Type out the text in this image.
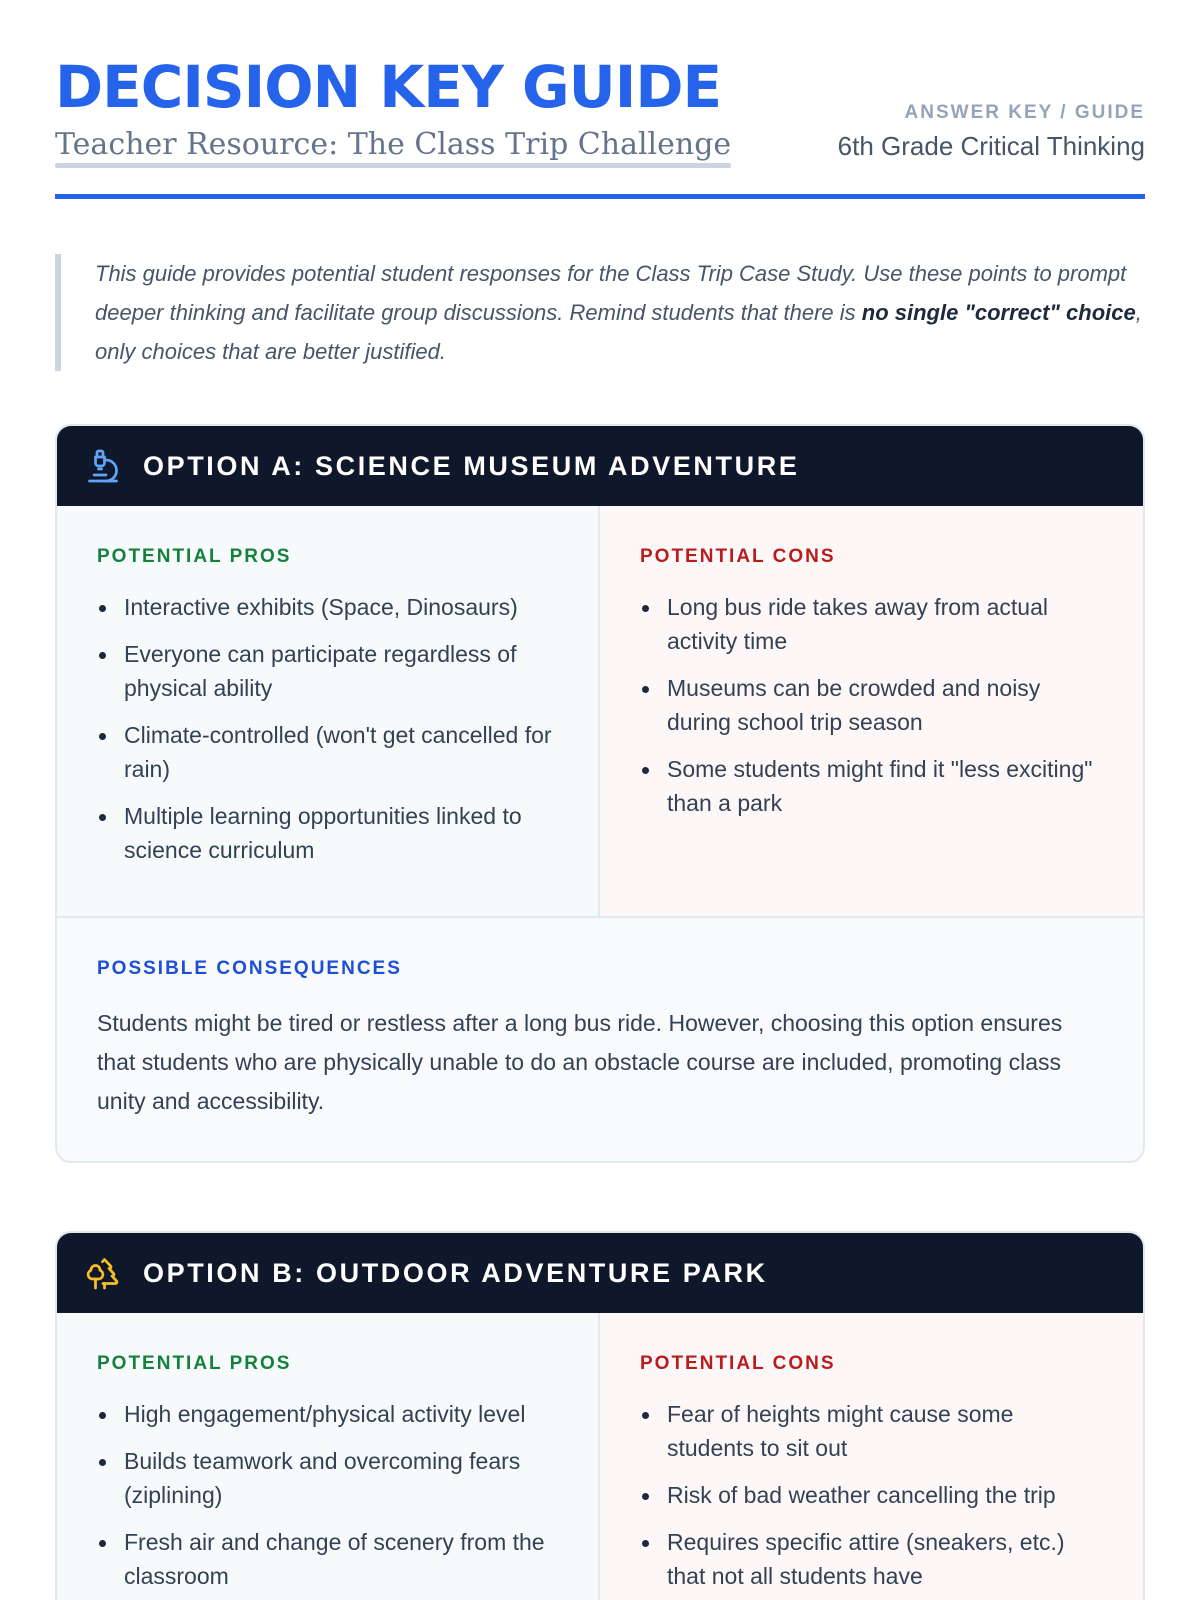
DECISION KEY GUIDE
Teacher Resource: The Class Trip Challenge
ANSWER KEY / GUIDE
6th Grade Critical Thinking

This guide provides potential student responses for the Class Trip Case Study. Use these points to prompt deeper thinking and facilitate group discussions. Remind students that there is no single "correct" choice, only choices that are better justified.

OPTION A: SCIENCE MUSEUM ADVENTURE
POTENTIAL PROS
Interactive exhibits (Space, Dinosaurs)
Everyone can participate regardless of physical ability
Climate-controlled (won't get cancelled for rain)
Multiple learning opportunities linked to science curriculum
POTENTIAL CONS
Long bus ride takes away from actual activity time
Museums can be crowded and noisy during school trip season
Some students might find it "less exciting" than a park
POSSIBLE CONSEQUENCES

Students might be tired or restless after a long bus ride. However, choosing this option ensures that students who are physically unable to do an obstacle course are included, promoting class unity and accessibility.

OPTION B: OUTDOOR ADVENTURE PARK
POTENTIAL PROS
High engagement/physical activity level
Builds teamwork and overcoming fears (ziplining)
Fresh air and change of scenery from the classroom
POTENTIAL CONS
Fear of heights might cause some students to sit out
Risk of bad weather cancelling the trip
Requires specific attire (sneakers, etc.) that not all students have
